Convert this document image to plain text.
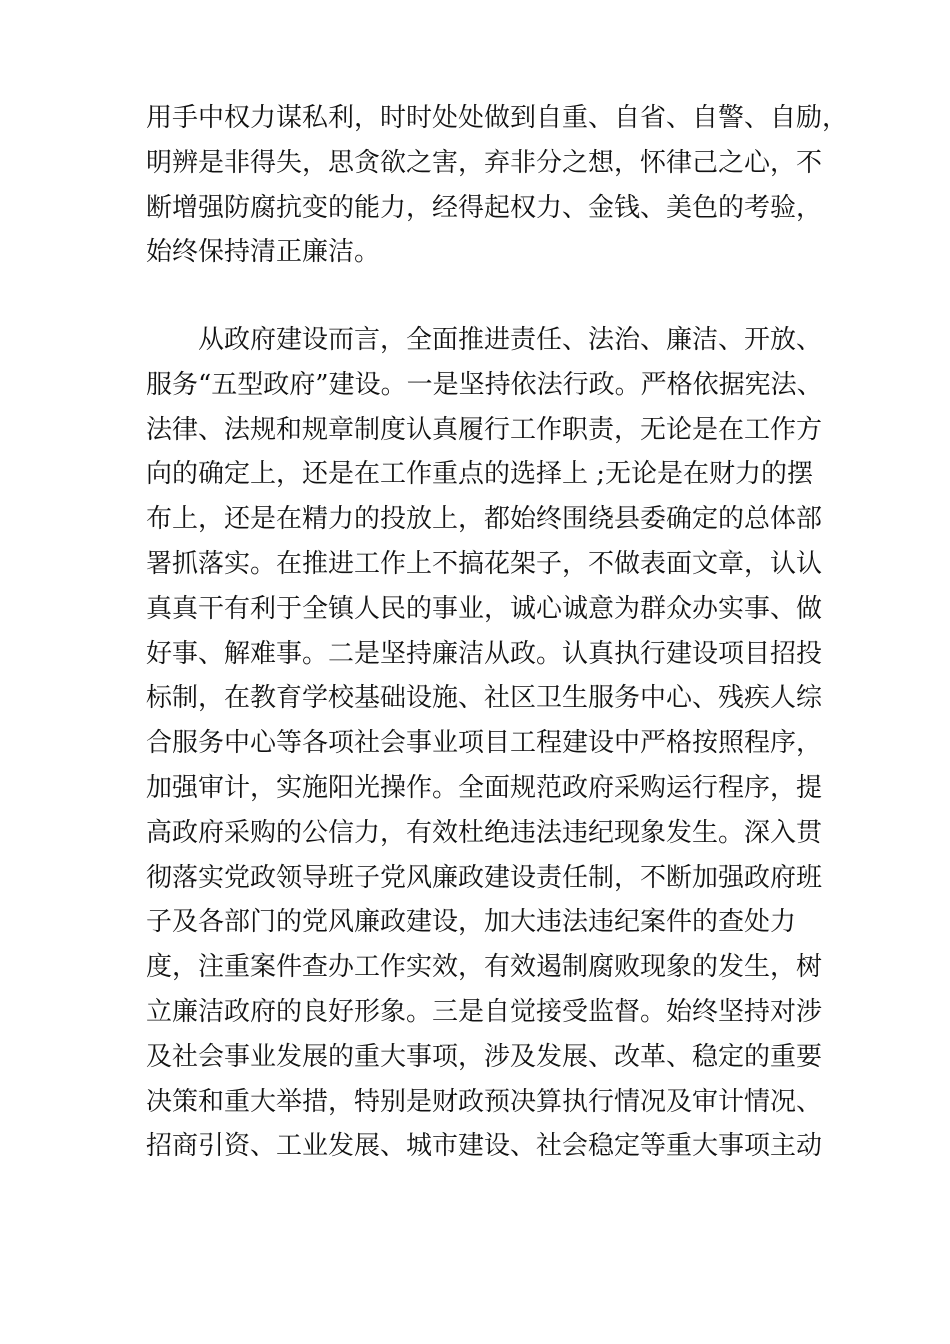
用手中权力谋私利，时时处处做到自重、自省、自警、自励，
明辨是非得失，思贪欲之害，弃非分之想，怀律己之心，不
断增强防腐抗变的能力，经得起权力、金钱、美色的考验，
始终保持清正廉洁。
从政府建设而言，全面推进责任、法治、廉洁、开放、
服务“五型政府”建设。一是坚持依法行政。严格依据宪法、
法律、法规和规章制度认真履行工作职责，无论是在工作方
向的确定上，还是在工作重点的选择上 ;无论是在财力的摆
布上，还是在精力的投放上，都始终围绕县委确定的总体部
署抓落实。在推进工作上不搞花架子，不做表面文章，认认
真真干有利于全镇人民的事业，诚心诚意为群众办实事、做
好事、解难事。二是坚持廉洁从政。认真执行建设项目招投
标制，在教育学校基础设施、社区卫生服务中心、残疾人综
合服务中心等各项社会事业项目工程建设中严格按照程序，
加强审计，实施阳光操作。全面规范政府采购运行程序，提
高政府采购的公信力，有效杜绝违法违纪现象发生。深入贯
彻落实党政领导班子党风廉政建设责任制，不断加强政府班
子及各部门的党风廉政建设，加大违法违纪案件的查处力
度，注重案件查办工作实效，有效遏制腐败现象的发生，树
立廉洁政府的良好形象。三是自觉接受监督。始终坚持对涉
及社会事业发展的重大事项，涉及发展、改革、稳定的重要
决策和重大举措，特别是财政预决算执行情况及审计情况、
招商引资、工业发展、城市建设、社会稳定等重大事项主动
